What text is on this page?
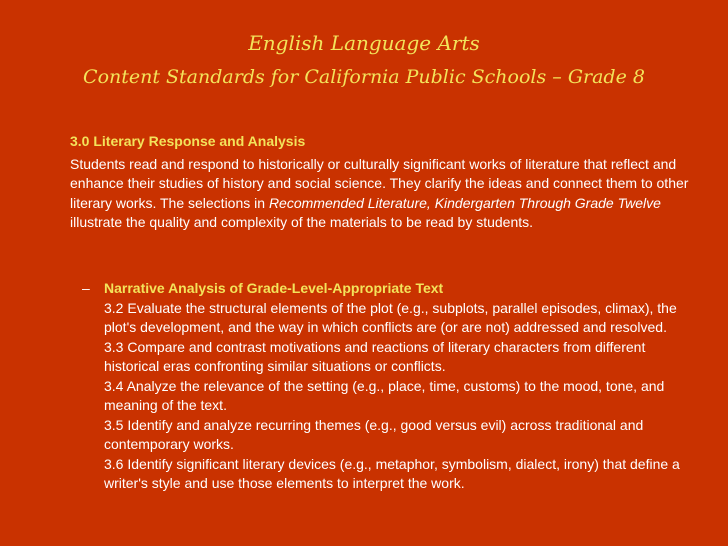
English Language Arts
Content Standards for California Public Schools – Grade 8
3.0 Literary Response and Analysis
Students read and respond to historically or culturally significant works of literature that reflect and enhance their studies of history and social science. They clarify the ideas and connect them to other literary works. The selections in Recommended Literature, Kindergarten Through Grade Twelve illustrate the quality and complexity of the materials to be read by students.
– Narrative Analysis of Grade-Level-Appropriate Text
3.2 Evaluate the structural elements of the plot (e.g., subplots, parallel episodes, climax), the plot's development, and the way in which conflicts are (or are not) addressed and resolved.
3.3 Compare and contrast motivations and reactions of literary characters from different historical eras confronting similar situations or conflicts.
3.4 Analyze the relevance of the setting (e.g., place, time, customs) to the mood, tone, and meaning of the text.
3.5 Identify and analyze recurring themes (e.g., good versus evil) across traditional and contemporary works.
3.6 Identify significant literary devices (e.g., metaphor, symbolism, dialect, irony) that define a writer's style and use those elements to interpret the work.
